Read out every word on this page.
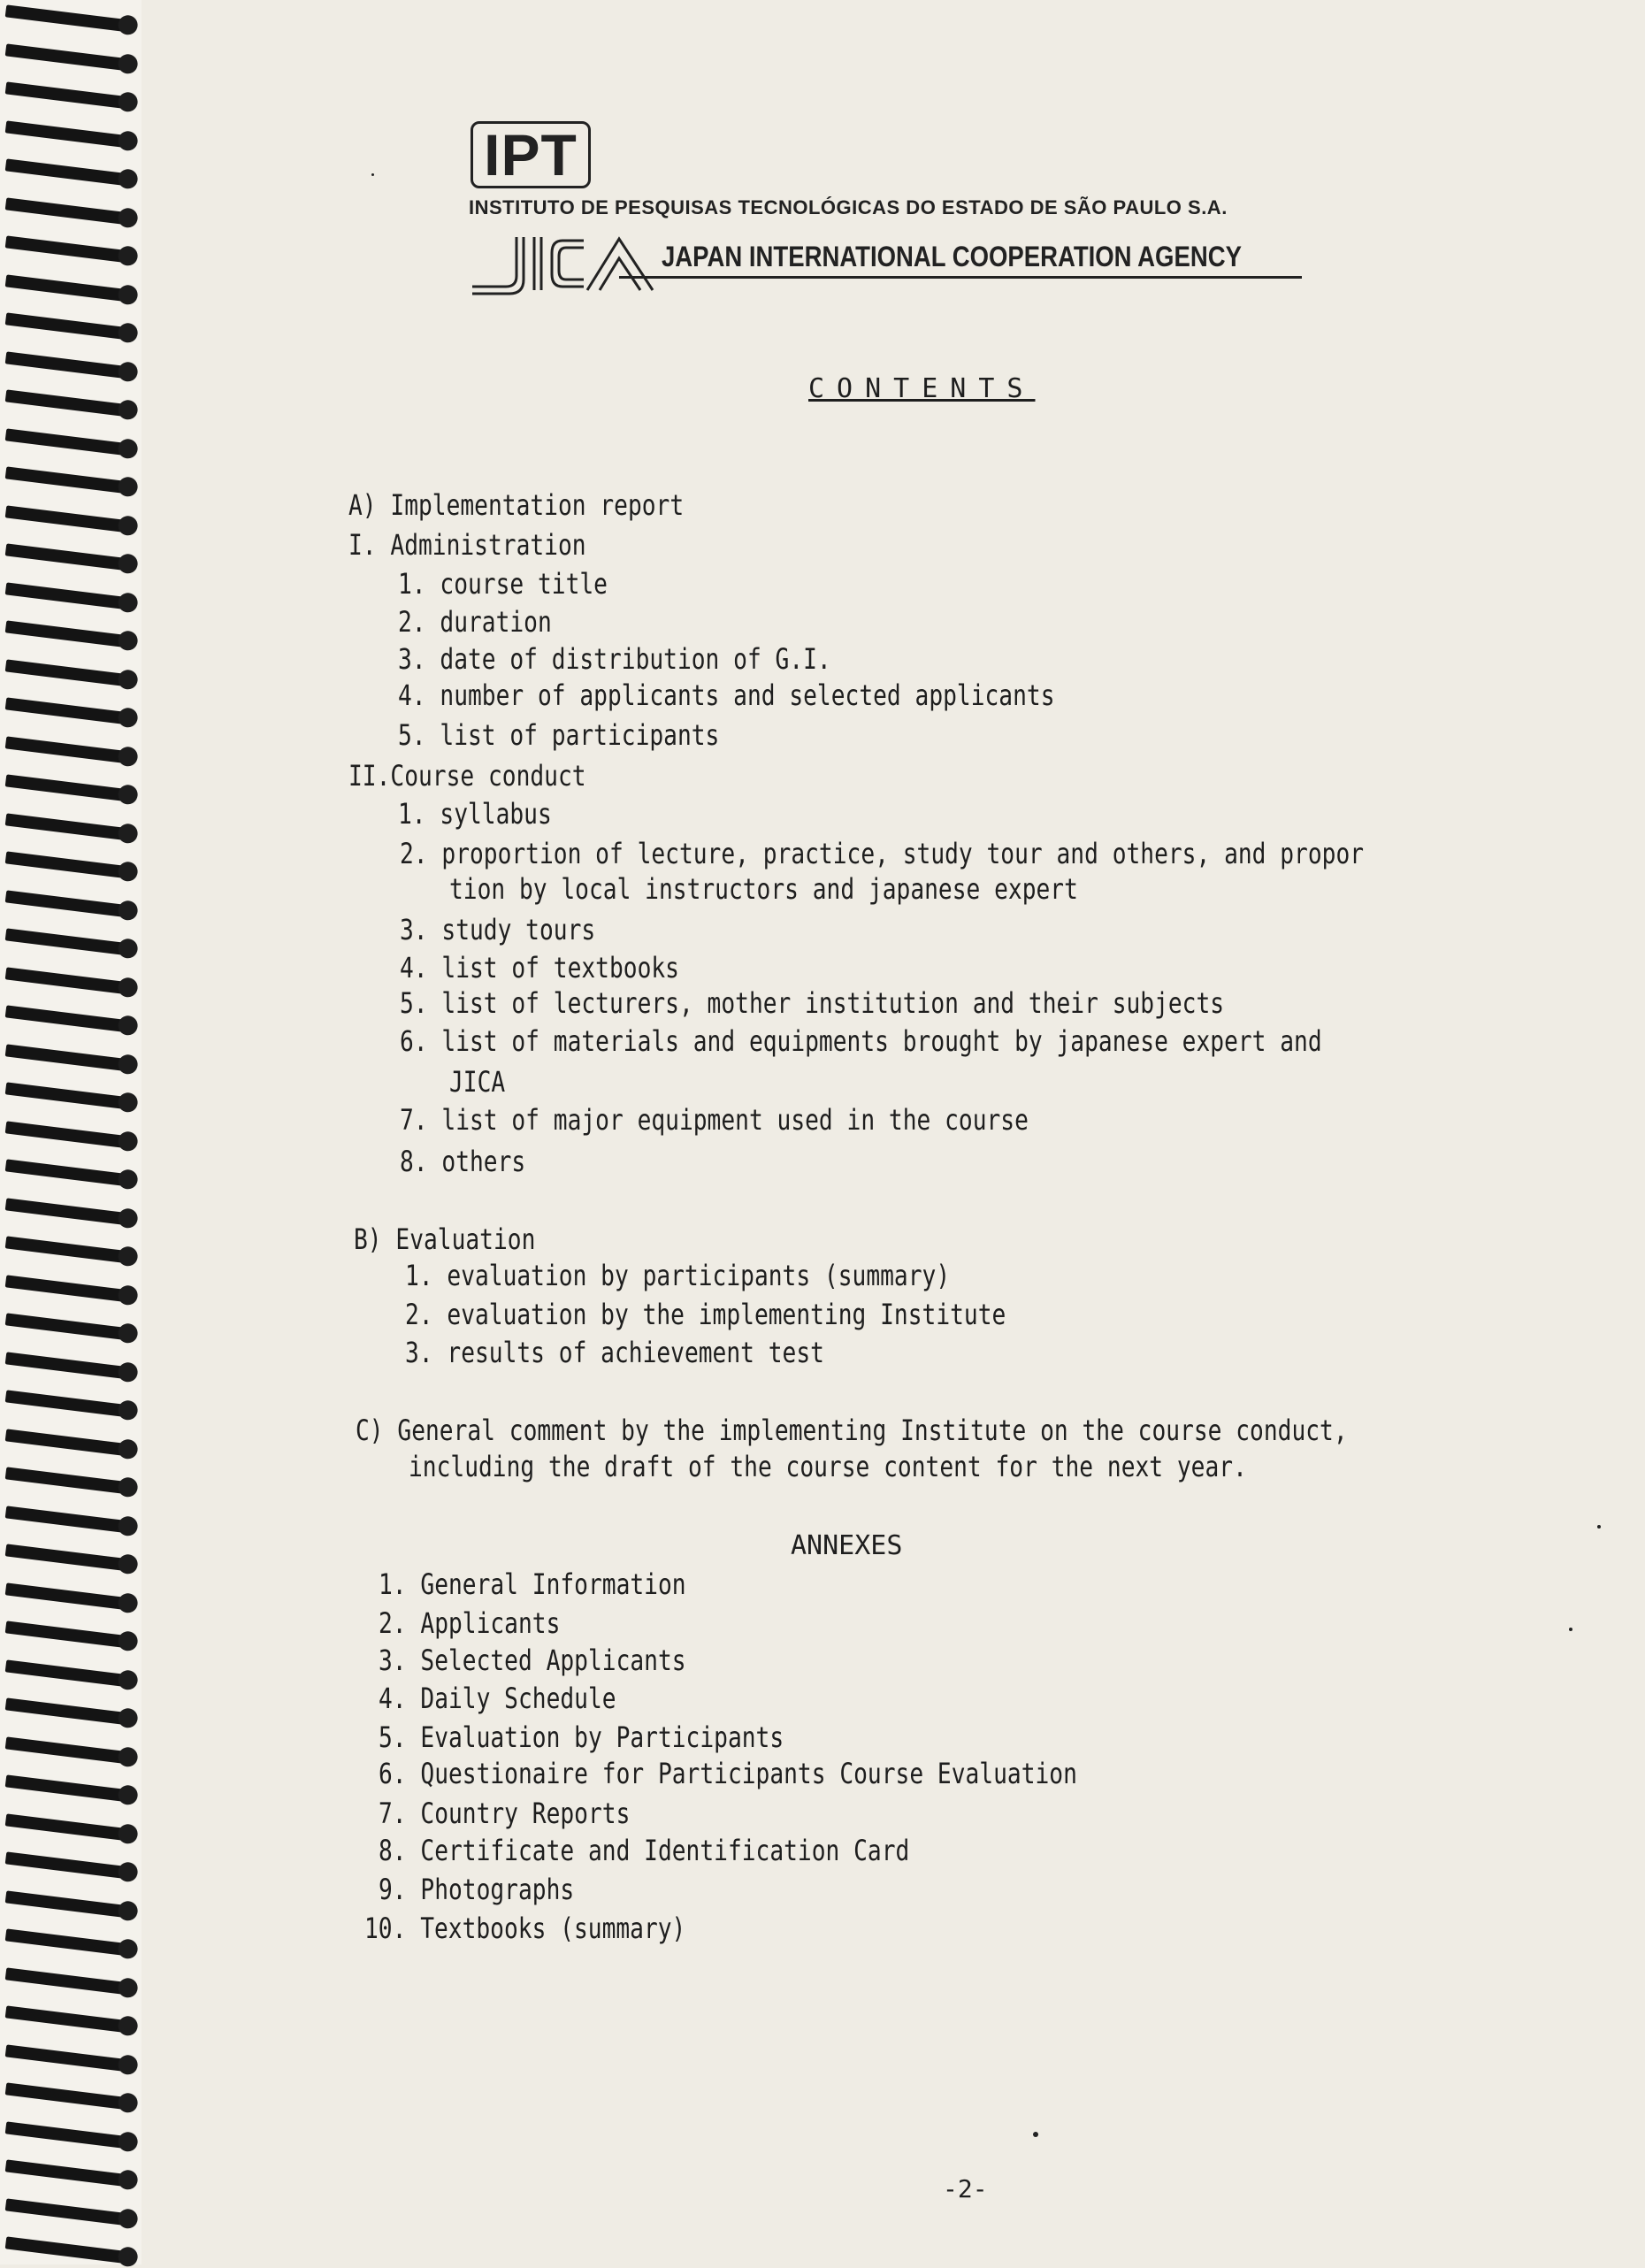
IPT
INSTITUTO DE PESQUISAS TECNOLÓGICAS DO ESTADO DE SÃO PAULO S.A.
JAPAN INTERNATIONAL COOPERATION AGENCY
CONTENTS
A) Implementation report
I. Administration
1. course title
2. duration
3. date of distribution of G.I.
4. number of applicants and selected applicants
5. list of participants
II.Course conduct
1. syllabus
2. proportion of lecture, practice, study tour and others, and propor
tion by local instructors and japanese expert
3. study tours
4. list of textbooks
5. list of lecturers, mother institution and their subjects
6. list of materials and equipments brought by japanese expert and
JICA
7. list of major equipment used in the course
8. others
B) Evaluation
1. evaluation by participants (summary)
2. evaluation by the implementing Institute
3. results of achievement test
C) General comment by the implementing Institute on the course conduct,
including the draft of the course content for the next year.
ANNEXES
1. General Information
2. Applicants
3. Selected Applicants
4. Daily Schedule
5. Evaluation by Participants
6. Questionaire for Participants Course Evaluation
7. Country Reports
8. Certificate and Identification Card
9. Photographs
10. Textbooks (summary)
-2-
